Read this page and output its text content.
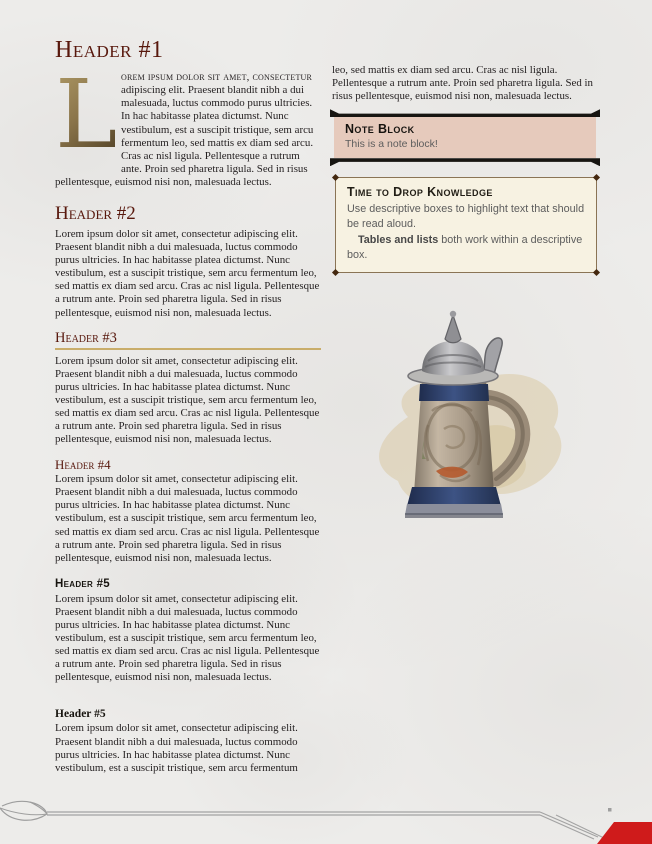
Header #1

L orem ipsum dolor sit amet, consectetur adipiscing elit. Praesent blandit nibh a dui malesuada, luctus commodo purus ultricies. In hac habitasse platea dictumst. Nunc vestibulum, est a suscipit tristique, sem arcu fermentum leo, sed mattis ex diam sed arcu. Cras ac nisl ligula. Pellentesque a rutrum ante. Proin sed pharetra ligula. Sed in risus pellentesque, euismod nisi non, malesuada lectus.

Header #2

Lorem ipsum dolor sit amet, consectetur adipiscing elit. Praesent blandit nibh a dui malesuada, luctus commodo purus ultricies. In hac habitasse platea dictumst. Nunc vestibulum, est a suscipit tristique, sem arcu fermentum leo, sed mattis ex diam sed arcu. Cras ac nisl ligula. Pellentesque a rutrum ante. Proin sed pharetra ligula. Sed in risus pellentesque, euismod nisi non, malesuada lectus.

Header #3

Lorem ipsum dolor sit amet, consectetur adipiscing elit. Praesent blandit nibh a dui malesuada, luctus commodo purus ultricies. In hac habitasse platea dictumst. Nunc vestibulum, est a suscipit tristique, sem arcu fermentum leo, sed mattis ex diam sed arcu. Cras ac nisl ligula. Pellentesque a rutrum ante. Proin sed pharetra ligula. Sed in risus pellentesque, euismod nisi non, malesuada lectus.

Header #4

Lorem ipsum dolor sit amet, consectetur adipiscing elit. Praesent blandit nibh a dui malesuada, luctus commodo purus ultricies. In hac habitasse platea dictumst. Nunc vestibulum, est a suscipit tristique, sem arcu fermentum leo, sed mattis ex diam sed arcu. Cras ac nisl ligula. Pellentesque a rutrum ante. Proin sed pharetra ligula. Sed in risus pellentesque, euismod nisi non, malesuada lectus.

Header #5

Lorem ipsum dolor sit amet, consectetur adipiscing elit. Praesent blandit nibh a dui malesuada, luctus commodo purus ultricies. In hac habitasse platea dictumst. Nunc vestibulum, est a suscipit tristique, sem arcu fermentum leo, sed mattis ex diam sed arcu. Cras ac nisl ligula. Pellentesque a rutrum ante. Proin sed pharetra ligula. Sed in risus pellentesque, euismod nisi non, malesuada lectus.

Header #5

Lorem ipsum dolor sit amet, consectetur adipiscing elit. Praesent blandit nibh a dui malesuada, luctus commodo purus ultricies. In hac habitasse platea dictumst. Nunc vestibulum, est a suscipit tristique, sem arcu fermentum

leo, sed mattis ex diam sed arcu. Cras ac nisl ligula. Pellentesque a rutrum ante. Proin sed pharetra ligula. Sed in risus pellentesque, euismod nisi non, malesuada lectus.

Note Block
This is a note block!
Time to Drop Knowledge

Use descriptive boxes to highlight text that should be read aloud.

Tables and lists both work within a descriptive box.
